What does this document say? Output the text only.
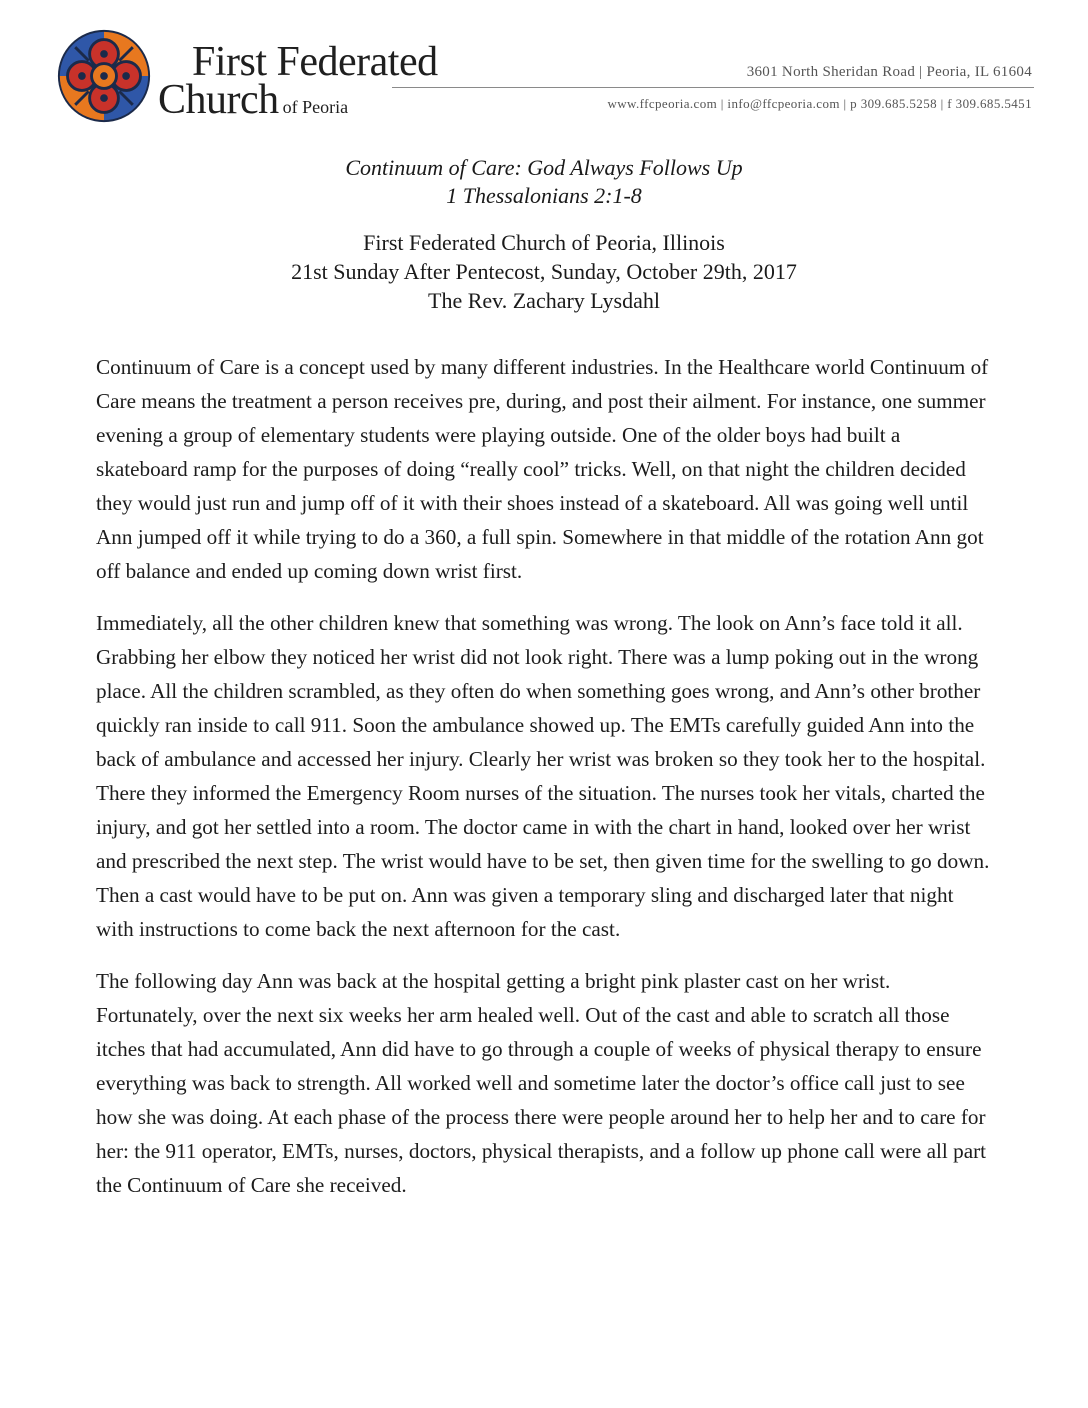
First Federated
Church of Peoria
3601 North Sheridan Road | Peoria, IL 61604
www.ffcpeoria.com | info@ffcpeoria.com | p 309.685.5258 | f 309.685.5451

Continuum of Care: God Always Follows Up

1 Thessalonians 2:1-8

First Federated Church of Peoria, Illinois

21st Sunday After Pentecost, Sunday, October 29th, 2017

The Rev. Zachary Lysdahl

Continuum of Care is a concept used by many different industries. In the Healthcare world Continuum of Care means the treatment a person receives pre, during, and post their ailment. For instance, one summer evening a group of elementary students were playing outside. One of the older boys had built a skateboard ramp for the purposes of doing “really cool” tricks. Well, on that night the children decided they would just run and jump off of it with their shoes instead of a skateboard. All was going well until Ann jumped off it while trying to do a 360, a full spin. Somewhere in that middle of the rotation Ann got off balance and ended up coming down wrist first.

Immediately, all the other children knew that something was wrong. The look on Ann’s face told it all. Grabbing her elbow they noticed her wrist did not look right. There was a lump poking out in the wrong place. All the children scrambled, as they often do when something goes wrong, and Ann’s other brother quickly ran inside to call 911. Soon the ambulance showed up. The EMTs carefully guided Ann into the back of ambulance and accessed her injury. Clearly her wrist was broken so they took her to the hospital. There they informed the Emergency Room nurses of the situation. The nurses took her vitals, charted the injury, and got her settled into a room. The doctor came in with the chart in hand, looked over her wrist and prescribed the next step. The wrist would have to be set, then given time for the swelling to go down. Then a cast would have to be put on. Ann was given a temporary sling and discharged later that night with instructions to come back the next afternoon for the cast.

The following day Ann was back at the hospital getting a bright pink plaster cast on her wrist. Fortunately, over the next six weeks her arm healed well. Out of the cast and able to scratch all those itches that had accumulated, Ann did have to go through a couple of weeks of physical therapy to ensure everything was back to strength. All worked well and sometime later the doctor’s office call just to see how she was doing. At each phase of the process there were people around her to help her and to care for her: the 911 operator, EMTs, nurses, doctors, physical therapists, and a follow up phone call were all part the Continuum of Care she received.
